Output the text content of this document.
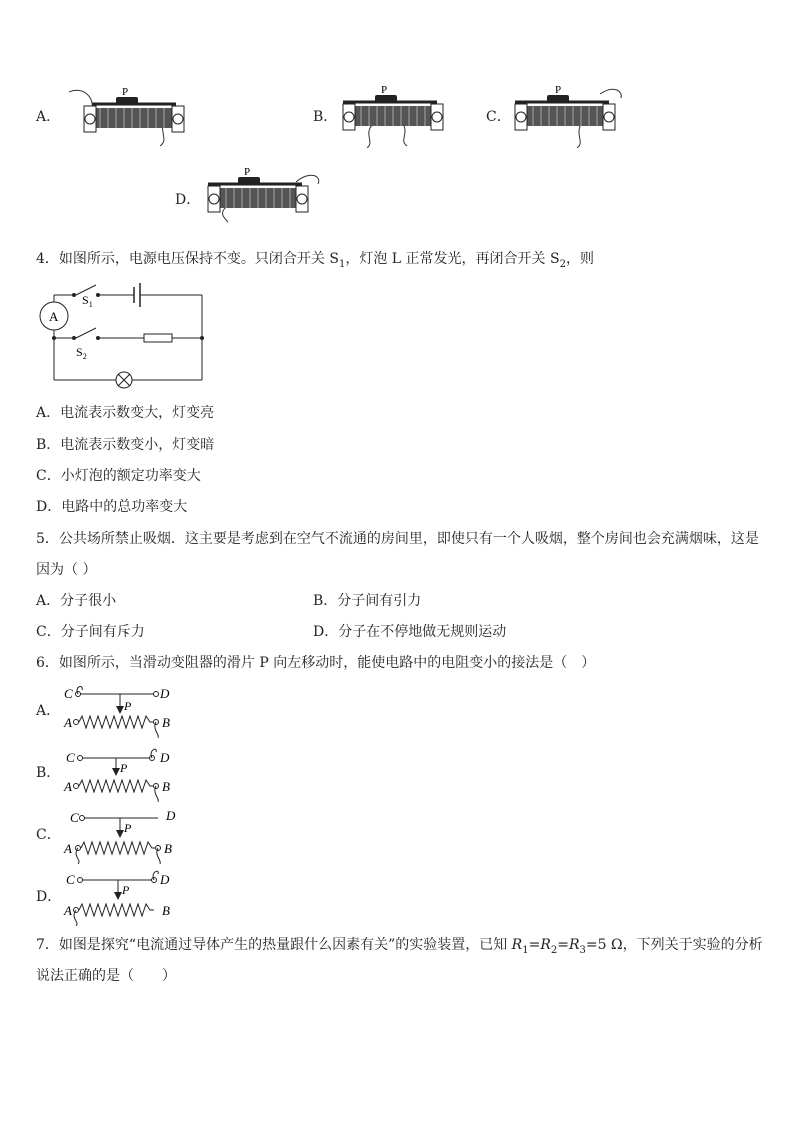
A．	B．	C．
D．
P	P	P
P
4．如图所示，电源电压保持不变。只闭合开关 $S_1$，灯泡 L 正常发光，再闭合开关 $S_2$，则
A
$S_1$
$S_2$
A．电流表示数变大，灯变亮
B．电流表示数变小，灯变暗
C．小灯泡的额定功率变大
D．电路中的总功率变大
5．公共场所禁止吸烟．这主要是考虑到在空气不流通的房间里，即使只有一个人吸烟，整个房间也会充满烟味，这是
因为（ ）
A．分子很小	B．分子间有引力
C．分子间有斥力	D．分子在不停地做无规则运动
6．如图所示，当滑动变阻器的滑片 P 向左移动时，能使电路中的电阻变小的接法是（　）
A．
B．
C．
D．
C	D
P
A	B
C	D
P
A	B
C	D
P
A	B
C	D
P
A	B
7．如图是探究“电流通过导体产生的热量跟什么因素有关”的实验装置，已知 $R_1=R_2=R_3=5$ Ω，下列关于实验的分析
说法正确的是（　　）
